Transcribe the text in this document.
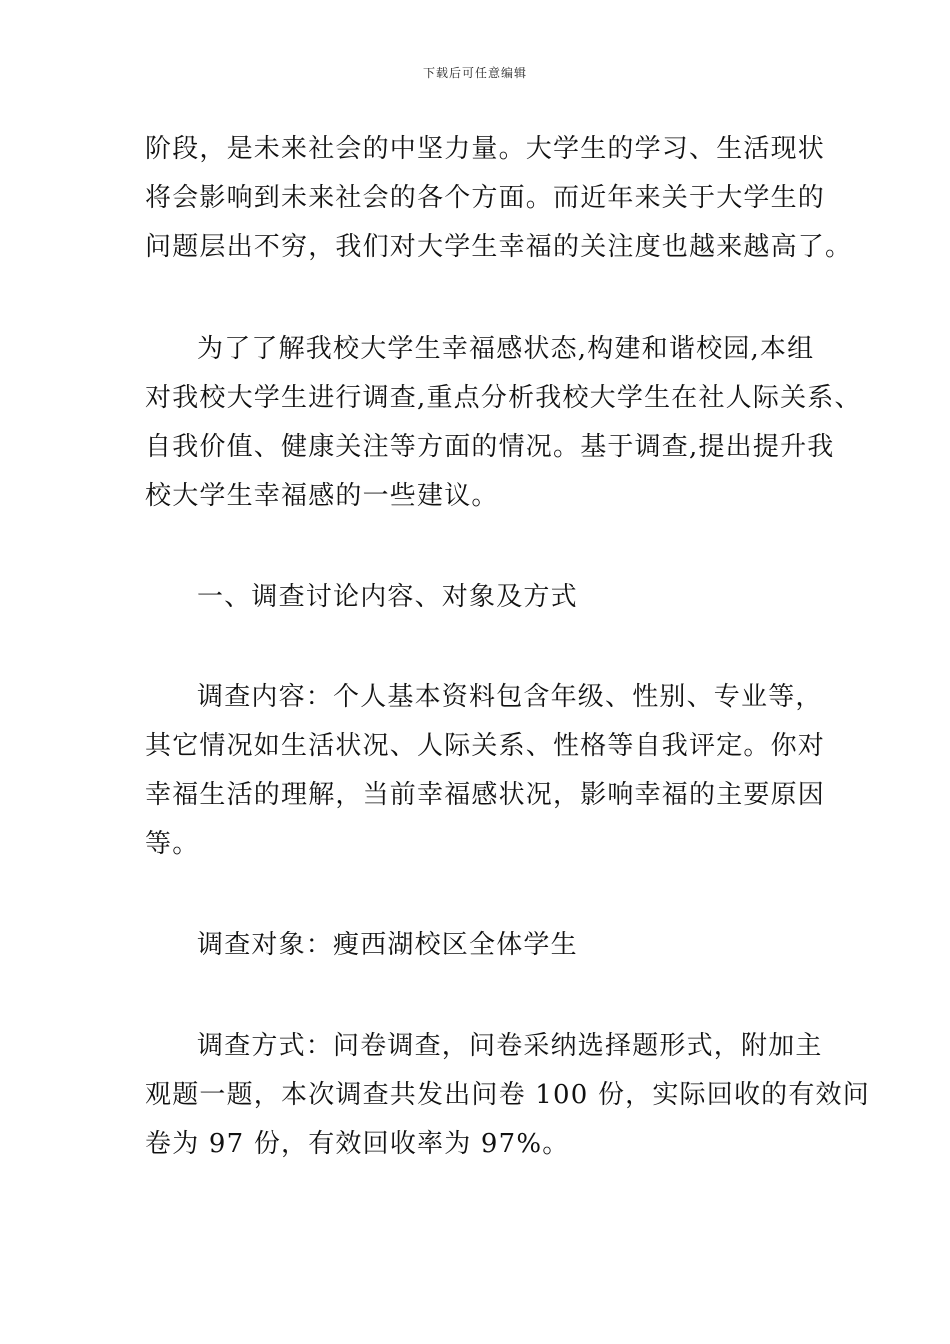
下载后可任意编辑
阶段，是未来社会的中坚力量。大学生的学习、生活现状
将会影响到未来社会的各个方面。而近年来关于大学生的
问题层出不穷，我们对大学生幸福的关注度也越来越高了。
为了了解我校大学生幸福感状态,构建和谐校园,本组
对我校大学生进行调查,重点分析我校大学生在社人际关系、
自我价值、健康关注等方面的情况。基于调查,提出提升我
校大学生幸福感的一些建议。
一、调查讨论内容、对象及方式
调查内容：个人基本资料包含年级、性别、专业等，
其它情况如生活状况、人际关系、性格等自我评定。你对
幸福生活的理解，当前幸福感状况，影响幸福的主要原因
等。
调查对象：瘦西湖校区全体学生
调查方式：问卷调查，问卷采纳选择题形式，附加主
观题一题，本次调查共发出问卷 100 份，实际回收的有效问
卷为 97 份，有效回收率为 97%。
